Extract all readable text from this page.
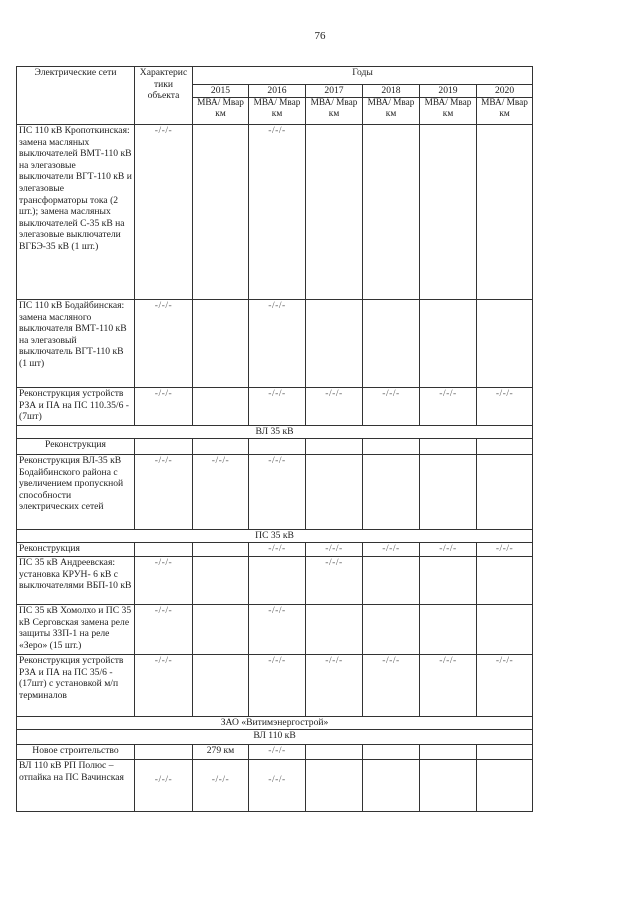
76
Электрические сети	Характерис тики объекта	Годы					
		2015	2016	2017	2018	2019	2020
		МВА/ Мвар км	МВА/ Мвар км	МВА/ Мвар км	МВА/ Мвар км	МВА/ Мвар км	МВА/ Мвар км
ПС 110 кВ Кропоткинская: замена масляных выключателей ВМТ-110 кВ на элегазовые выключатели ВГТ-110 кВ и элегазовые трансформаторы тока (2 шт.); замена масляных выключателей С-35 кВ на элегазовые выключатели ВГБЭ-35 кВ (1 шт.)	-/-/-		-/-/-				
ПС 110 кВ Бодайбинская: замена масляного выключателя ВМТ-110 кВ на элегазовый выключатель ВГТ-110 кВ (1 шт)	-/-/-		-/-/-				
Реконструкция устройств РЗА и ПА на ПС 110.35/6 -(7шт)	-/-/-		-/-/-	-/-/-	-/-/-	-/-/-	-/-/-
ВЛ 35 кВ							
Реконструкция							
Реконструкция ВЛ-35 кВ Бодайбинского района с увеличением пропускной способности электрических сетей	-/-/-	-/-/-	-/-/-				
ПС 35 кВ							
Реконструкция			-/-/-	-/-/-	-/-/-	-/-/-	-/-/-
ПС 35 кВ Андреевская: установка КРУН- 6 кВ с выключателями ВБП-10 кВ	-/-/-			-/-/-			
ПС 35 кВ Хомолхо и ПС 35 кВ Серговская замена реле защиты ЗЗП-1 на реле «Зеро» (15 шт.)	-/-/-		-/-/-				
Реконструкция устройств РЗА и ПА на ПС 35/6 - (17шт) с установкой м/п терминалов	-/-/-		-/-/-	-/-/-	-/-/-	-/-/-	-/-/-
ЗАО «Витимэнергострой»							
ВЛ 110 кВ							
Новое строительство		279 км	-/-/-				
ВЛ 110 кВ РП Полюс – отпайка на ПС Вачинская	-/-/-	-/-/-	-/-/-				
